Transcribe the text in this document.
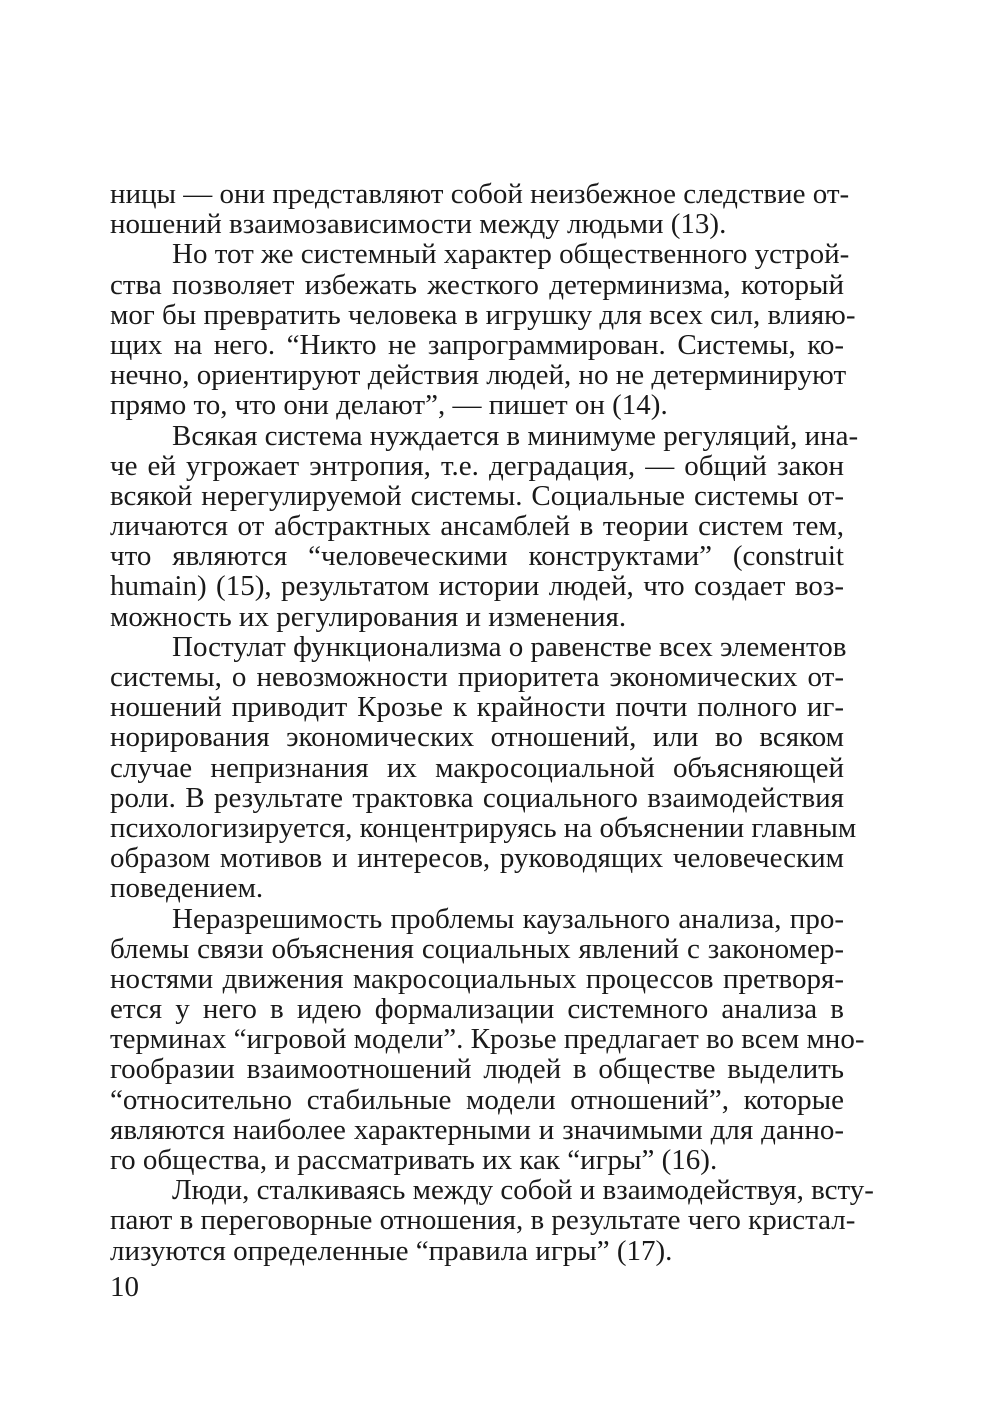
ницы — они представляют собой неизбежное следствие от-
ношений взаимозависимости между людьми (13).
Но тот же системный характер общественного устрой-
ства позволяет избежать жесткого детерминизма, который
мог бы превратить человека в игрушку для всех сил, влияю-
щих на него. “Никто не запрограммирован. Системы, ко-
нечно, ориентируют действия людей, но не детерминируют
прямо то, что они делают”, — пишет он (14).
Всякая система нуждается в минимуме регуляций, ина-
че ей угрожает энтропия, т.е. деградация, — общий закон
всякой нерегулируемой системы. Социальные системы от-
личаются от абстрактных ансамблей в теории систем тем,
что являются “человеческими конструктами” (construit
humain) (15), результатом истории людей, что создает воз-
можность их регулирования и изменения.
Постулат функционализма о равенстве всех элементов
системы, о невозможности приоритета экономических от-
ношений приводит Крозье к крайности почти полного иг-
норирования экономических отношений, или во всяком
случае непризнания их макросоциальной объясняющей
роли. В результате трактовка социального взаимодействия
психологизируется, концентрируясь на объяснении главным
образом мотивов и интересов, руководящих человеческим
поведением.
Неразрешимость проблемы каузального анализа, про-
блемы связи объяснения социальных явлений с закономер-
ностями движения макросоциальных процессов претворя-
ется у него в идею формализации системного анализа в
терминах “игровой модели”. Крозье предлагает во всем мно-
гообразии взаимоотношений людей в обществе выделить
“относительно стабильные модели отношений”, которые
являются наиболее характерными и значимыми для данно-
го общества, и рассматривать их как “игры” (16).
Люди, сталкиваясь между собой и взаимодействуя, всту-
пают в переговорные отношения, в результате чего кристал-
лизуются определенные “правила игры” (17).
10
